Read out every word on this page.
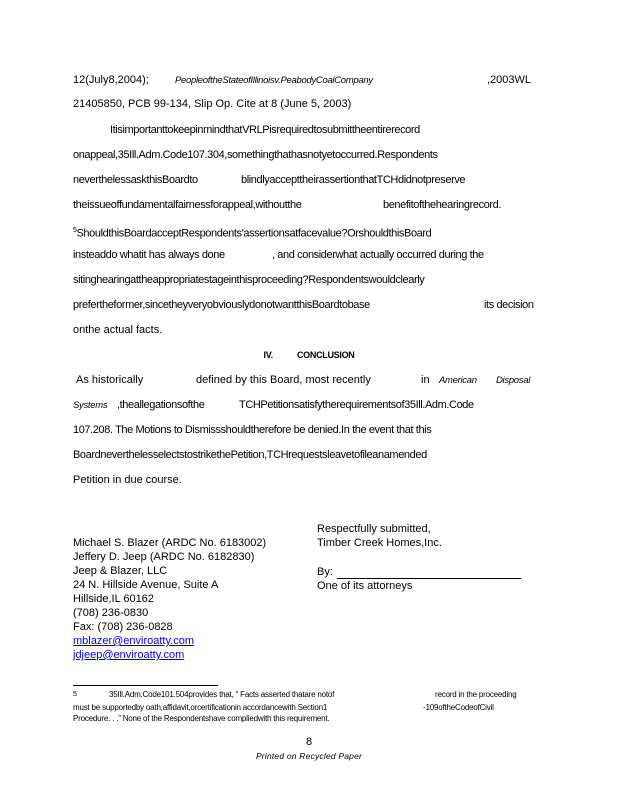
12(July8,2004);	PeopleoftheStateofIllinoisv.PeabodyCoalCompany	,2003WL
21405850, PCB 99-134, Slip Op. Cite at 8 (June 5, 2003)
ItisimportanttokeepinmindthatVRLPisrequiredtosubmittheentirerecord
onappeal,35Ill.Adm.Code107.304,somethingthathasnotyetoccurred.Respondents
neverthelessaskthisBoardto	blindlyaccepttheirassertionthatTCHdidnotpreserve
theissueoffundamentalfairnessforappeal,withoutthe	benefitofthehearingrecord.
$^5$ShouldthisBoardacceptRespondents'assertionsatfacevalue?OrshouldthisBoard
insteaddo whatit has always done	, and considerwhat actually occurred during the
sitinghearingattheappropriatestageinthisproceeding?Respondentswouldclearly
prefertheformer,sincetheyveryobviouslydonotwantthisBoardtobase	its decision
onthe actual facts.
IV.	CONCLUSION
As historically	defined by this Board, most recently	in American Disposal
Systems ,theallegationsofthe	TCHPetitionsatisfytherequirementsof35Ill.Adm.Code
107.208. The Motions to Dismissshouldtherefore be denied.In the event that this
BoardneverthelesselectstostrikethePetition,TCHrequestsleavetofileanamended
Petition in due course.
Respectfully submitted,
Timber Creek Homes,Inc.
By:
One of its attorneys
Michael S. Blazer (ARDC No. 6183002)
Jeffery D. Jeep (ARDC No. 6182830)
Jeep & Blazer, LLC
24 N. Hillside Avenue, Suite A
Hillside,IL 60162
(708) 236-0830
Fax: (708) 236-0828
mblazer@enviroatty.com
jdjeep@enviroatty.com
$^5$	35Ill.Adm.Code101.504provides that, “ Facts asserted thatare notof	record in the proceeding
must be supportedby oath,affidavit,orcertificationin accordancewith Section1	-109oftheCodeofCivil
Procedure. . .” None of the Respondentshave compliedwith this requirement.
8
Printed on Recycled Paper
